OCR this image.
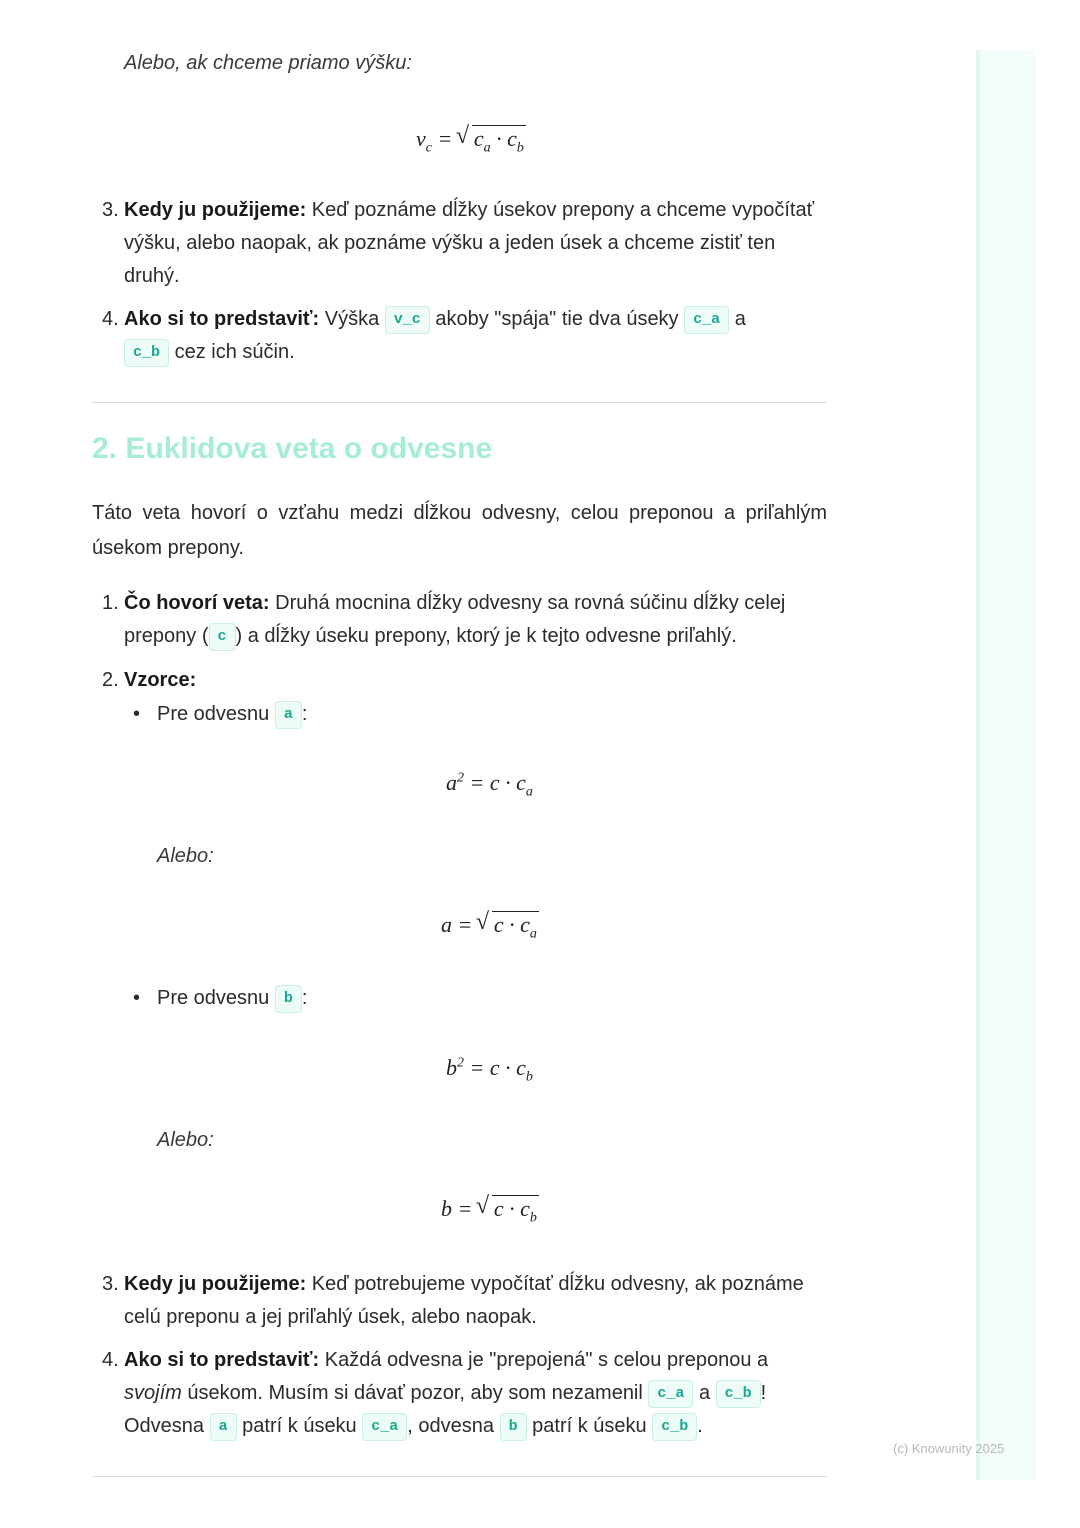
Alebo, ak chceme priamo výšku:
$v_c$ = √ $c_a \cdot c_b$
3. Kedy ju použijeme: Keď poznáme dĺžky úsekov prepony a chceme vypočítať výšku, alebo naopak, ak poznáme výšku a jeden úsek a chceme zistiť ten druhý.
4. Ako si to predstaviť: Výška v_c akoby "spája" tie dva úseky c_a a
c_b cez ich súčin.
2. Euklidova veta o odvesne

Táto veta hovorí o vzťahu medzi dĺžkou odvesny, celou preponou a priľahlým úsekom prepony.

1. Čo hovorí veta: Druhá mocnina dĺžky odvesny sa rovná súčinu dĺžky celej prepony ( c ) a dĺžky úseku prepony, ktorý je k tejto odvesne priľahlý.
2. Vzorce:
• Pre odvesnu a :
$a^2 = c \cdot c_a$
Alebo:
a = √ $c \cdot c_a$
• Pre odvesnu b :
$b^2 = c \cdot c_b$
Alebo:
b = √ $c \cdot c_b$
3. Kedy ju použijeme: Keď potrebujeme vypočítať dĺžku odvesny, ak poznáme celú preponu a jej priľahlý úsek, alebo naopak.
4. Ako si to predstaviť: Každá odvesna je "prepojená" s celou preponou a svojím úsekom. Musím si dávať pozor, aby som nezamenil c_a a c_b !
Odvesna a patrí k úseku c_a , odvesna b patrí k úseku c_b .
(c) Knowunity 2025
